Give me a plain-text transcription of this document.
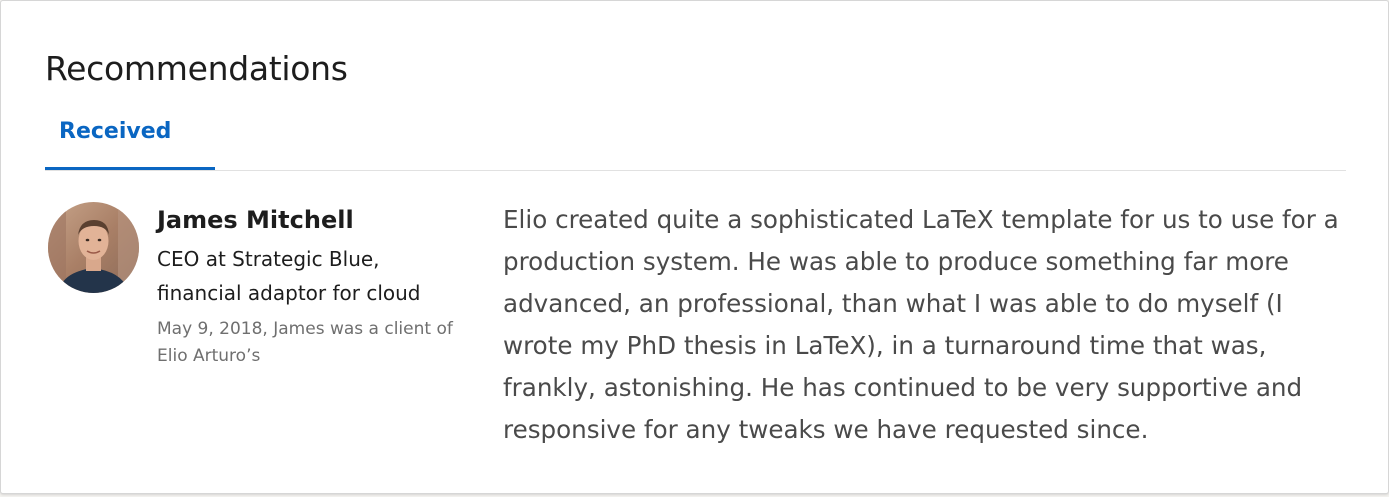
Recommendations
Received
James Mitchell
CEO at Strategic Blue, financial adaptor for cloud
May 9, 2018, James was a client of Elio Arturo’s
Elio created quite a sophisticated LaTeX template for us to use for a production system. He was able to produce something far more advanced, an professional, than what I was able to do myself (I wrote my PhD thesis in LaTeX), in a turnaround time that was, frankly, astonishing. He has continued to be very supportive and responsive for any tweaks we have requested since.
